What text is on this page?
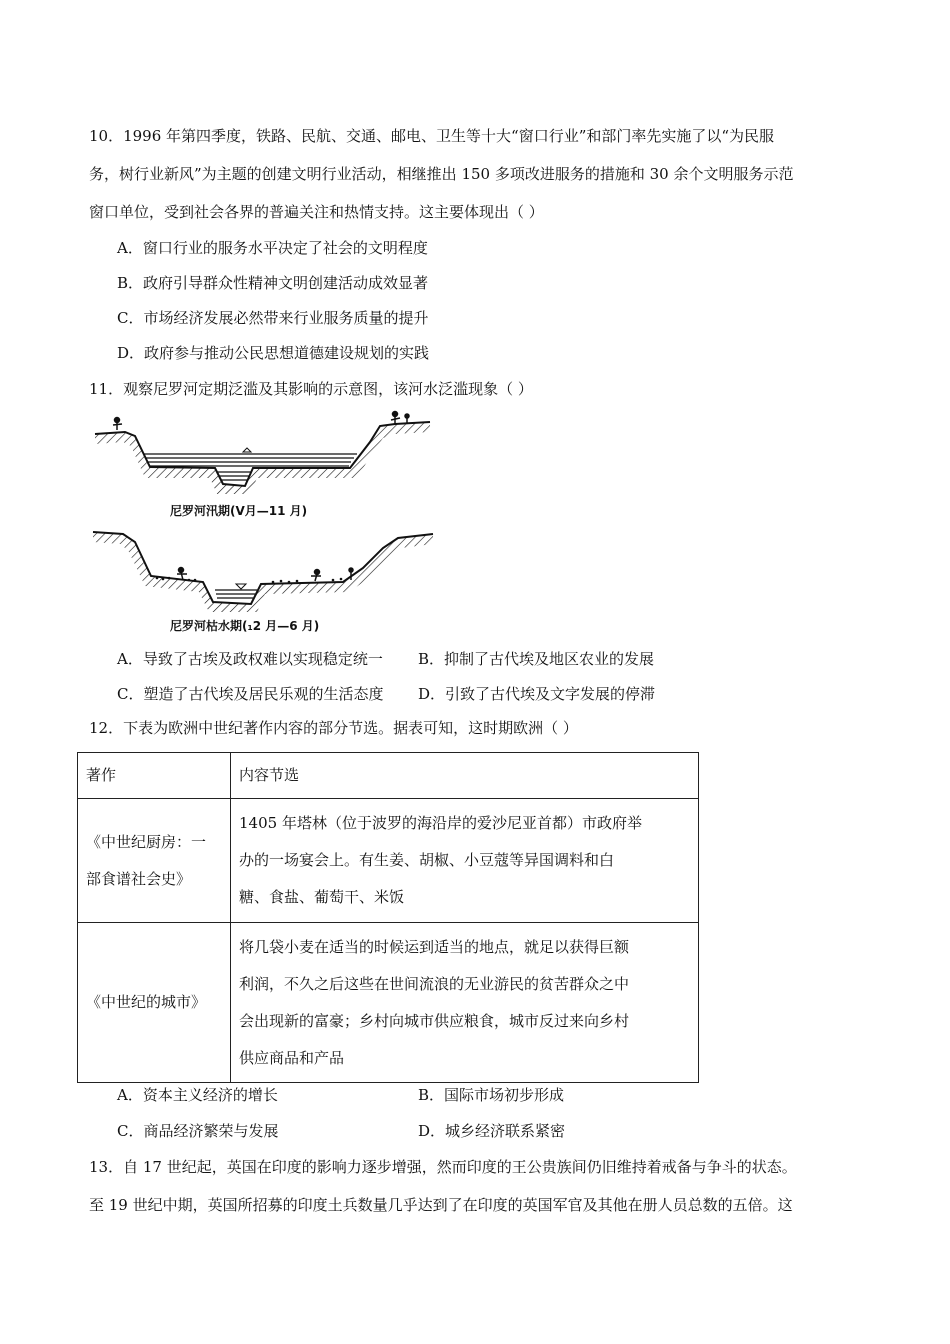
10．1996 年第四季度，铁路、民航、交通、邮电、卫生等十大“窗口行业”和部门率先实施了以“为民服
务，树行业新风”为主题的创建文明行业活动，相继推出 150 多项改进服务的措施和 30 余个文明服务示范
窗口单位，受到社会各界的普遍关注和热情支持。这主要体现出（ ）
A．窗口行业的服务水平决定了社会的文明程度
B．政府引导群众性精神文明创建活动成效显著
C．市场经济发展必然带来行业服务质量的提升
D．政府参与推动公民思想道德建设规划的实践
11．观察尼罗河定期泛滥及其影响的示意图，该河水泛滥现象（ ）
尼罗河汛期(Ⅴ月—11 月)
尼罗河枯水期(₁2 月—6 月)
A．导致了古埃及政权难以实现稳定统一 B．抑制了古代埃及地区农业的发展
C．塑造了古代埃及居民乐观的生活态度 D．引致了古代埃及文字发展的停滞
12．下表为欧洲中世纪著作内容的部分节选。据表可知，这时期欧洲（ ）
著作	内容节选

《中世纪厨房：一
部食谱社会史》	1405 年塔林（位于波罗的海沿岸的爱沙尼亚首都）市政府举
办的一场宴会上。有生姜、胡椒、小豆蔻等异国调料和白
糖、食盐、葡萄干、米饭

《中世纪的城市》	将几袋小麦在适当的时候运到适当的地点，就足以获得巨额
利润，不久之后这些在世间流浪的无业游民的贫苦群众之中
会出现新的富豪；乡村向城市供应粮食，城市反过来向乡村
供应商品和产品
A．资本主义经济的增长	B．国际市场初步形成
C．商品经济繁荣与发展	D．城乡经济联系紧密
13．自 17 世纪起，英国在印度的影响力逐步增强，然而印度的王公贵族间仍旧维持着戒备与争斗的状态。
至 19 世纪中期，英国所招募的印度土兵数量几乎达到了在印度的英国军官及其他在册人员总数的五倍。这
